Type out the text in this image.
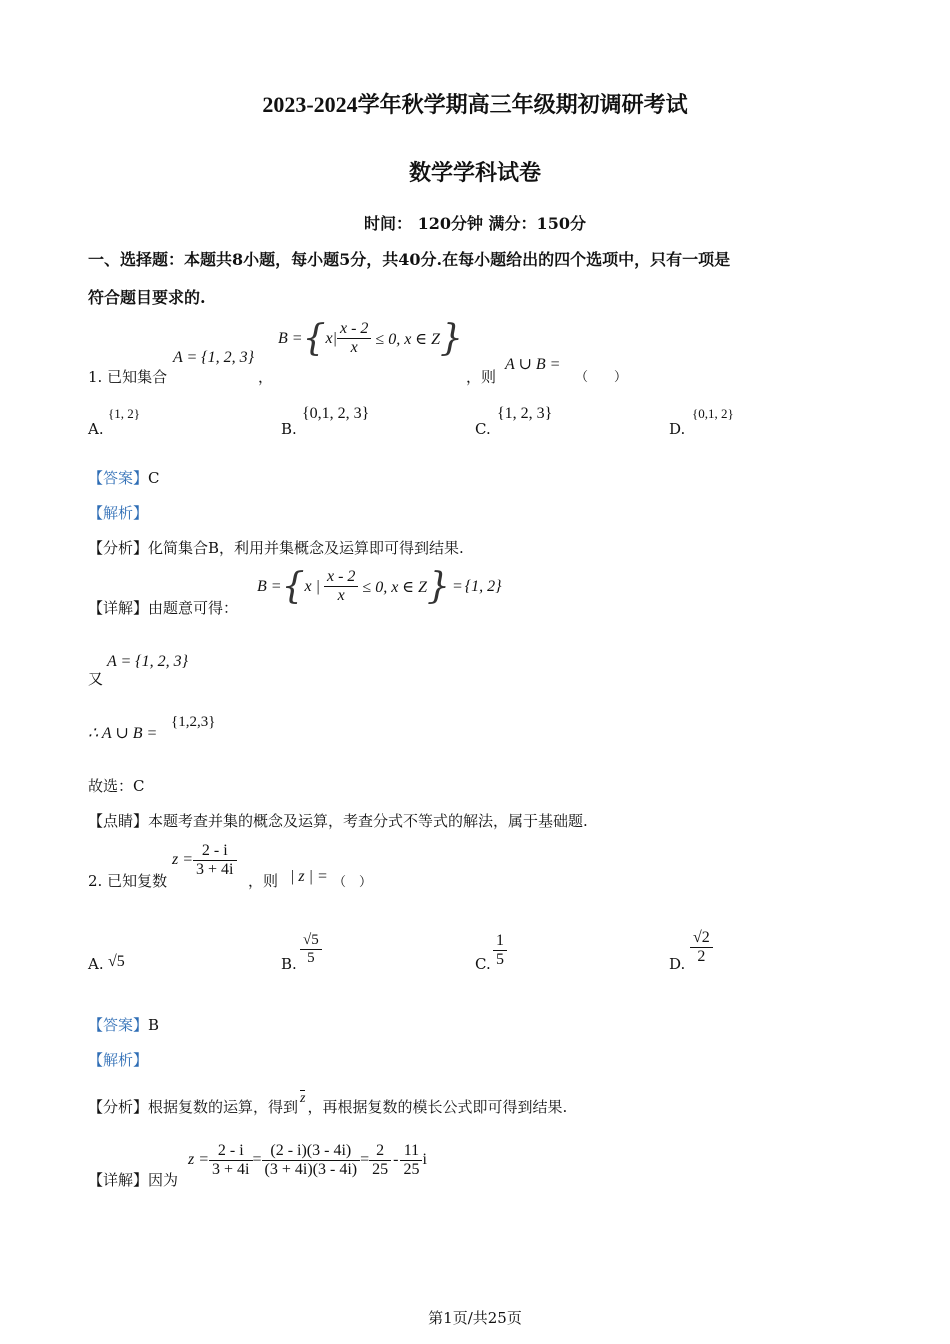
2023-2024学年秋学期高三年级期初调研考试
数学学科试卷
时间： 120分钟 满分：150分
一、选择题：本题共8小题，每小题5分，共40分.在每小题给出的四个选项中，只有一项是
符合题目要求的.
1. 已知集合
A = {1, 2, 3}
，
B = { $x| \frac{x - 2}{x} \le 0$, x ∈ Z }
，则
A ∪ B =
（　　）
A.
{1, 2}
B.
{0,1, 2, 3}
C.
{1, 2, 3}
D.
{0,1, 2}
【答案】C
【解析】
【分析】化简集合B，利用并集概念及运算即可得到结果.
【详解】由题意可得：
B = { x | $\frac{x - 2}{x} \le 0$, x ∈ Z } = {1, 2}
又
A = {1, 2, 3}
∴ A ∪ B =
{1,2,3}
故选：C
【点睛】本题考查并集的概念及运算，考查分式不等式的解法，属于基础题.
2. 已知复数
$z = \frac{2 - i}{3 + 4i}$
，则 | z | = （　）
A. √5	B. $\frac{√5}{5}$	C. $\frac{1}{5}$	D. $\frac{√2}{2}$
【答案】B
【解析】
【分析】根据复数的运算，得到 z ，再根据复数的模长公式即可得到结果.
【详解】因为
$z = \frac{2 - i}{3 + 4i} = \frac{(2 - i)(3 - 4i)}{(3 + 4i)(3 - 4i)} = \frac{2}{25} - \frac{11}{25}$ i
第1页/共25页
